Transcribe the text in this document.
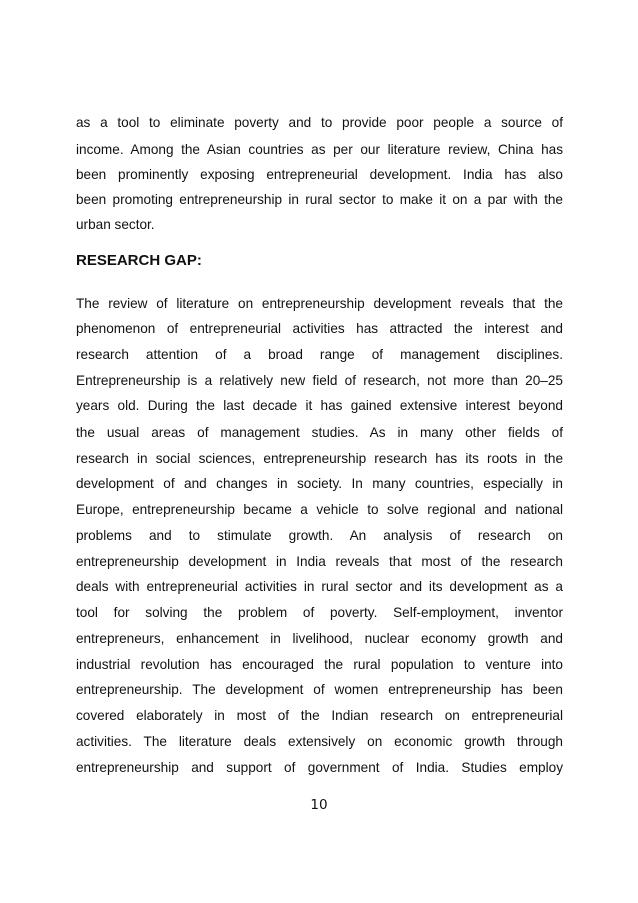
as a tool to eliminate poverty and to provide poor people a source of
income. Among the Asian countries as per our literature review, China has
been prominently exposing entrepreneurial development. India has also
been promoting entrepreneurship in rural sector to make it on a par with the
urban sector.
RESEARCH GAP:
The review of literature on entrepreneurship development reveals that the
phenomenon of entrepreneurial activities has attracted the interest and
research attention of a broad range of management disciplines.
Entrepreneurship is a relatively new field of research, not more than 20–25
years old. During the last decade it has gained extensive interest beyond
the usual areas of management studies. As in many other fields of
research in social sciences, entrepreneurship research has its roots in the
development of and changes in society. In many countries, especially in
Europe, entrepreneurship became a vehicle to solve regional and national
problems and to stimulate growth. An analysis of research on
entrepreneurship development in India reveals that most of the research
deals with entrepreneurial activities in rural sector and its development as a
tool for solving the problem of poverty. Self-employment, inventor
entrepreneurs, enhancement in livelihood, nuclear economy growth and
industrial revolution has encouraged the rural population to venture into
entrepreneurship. The development of women entrepreneurship has been
covered elaborately in most of the Indian research on entrepreneurial
activities. The literature deals extensively on economic growth through
entrepreneurship and support of government of India. Studies employ
10
